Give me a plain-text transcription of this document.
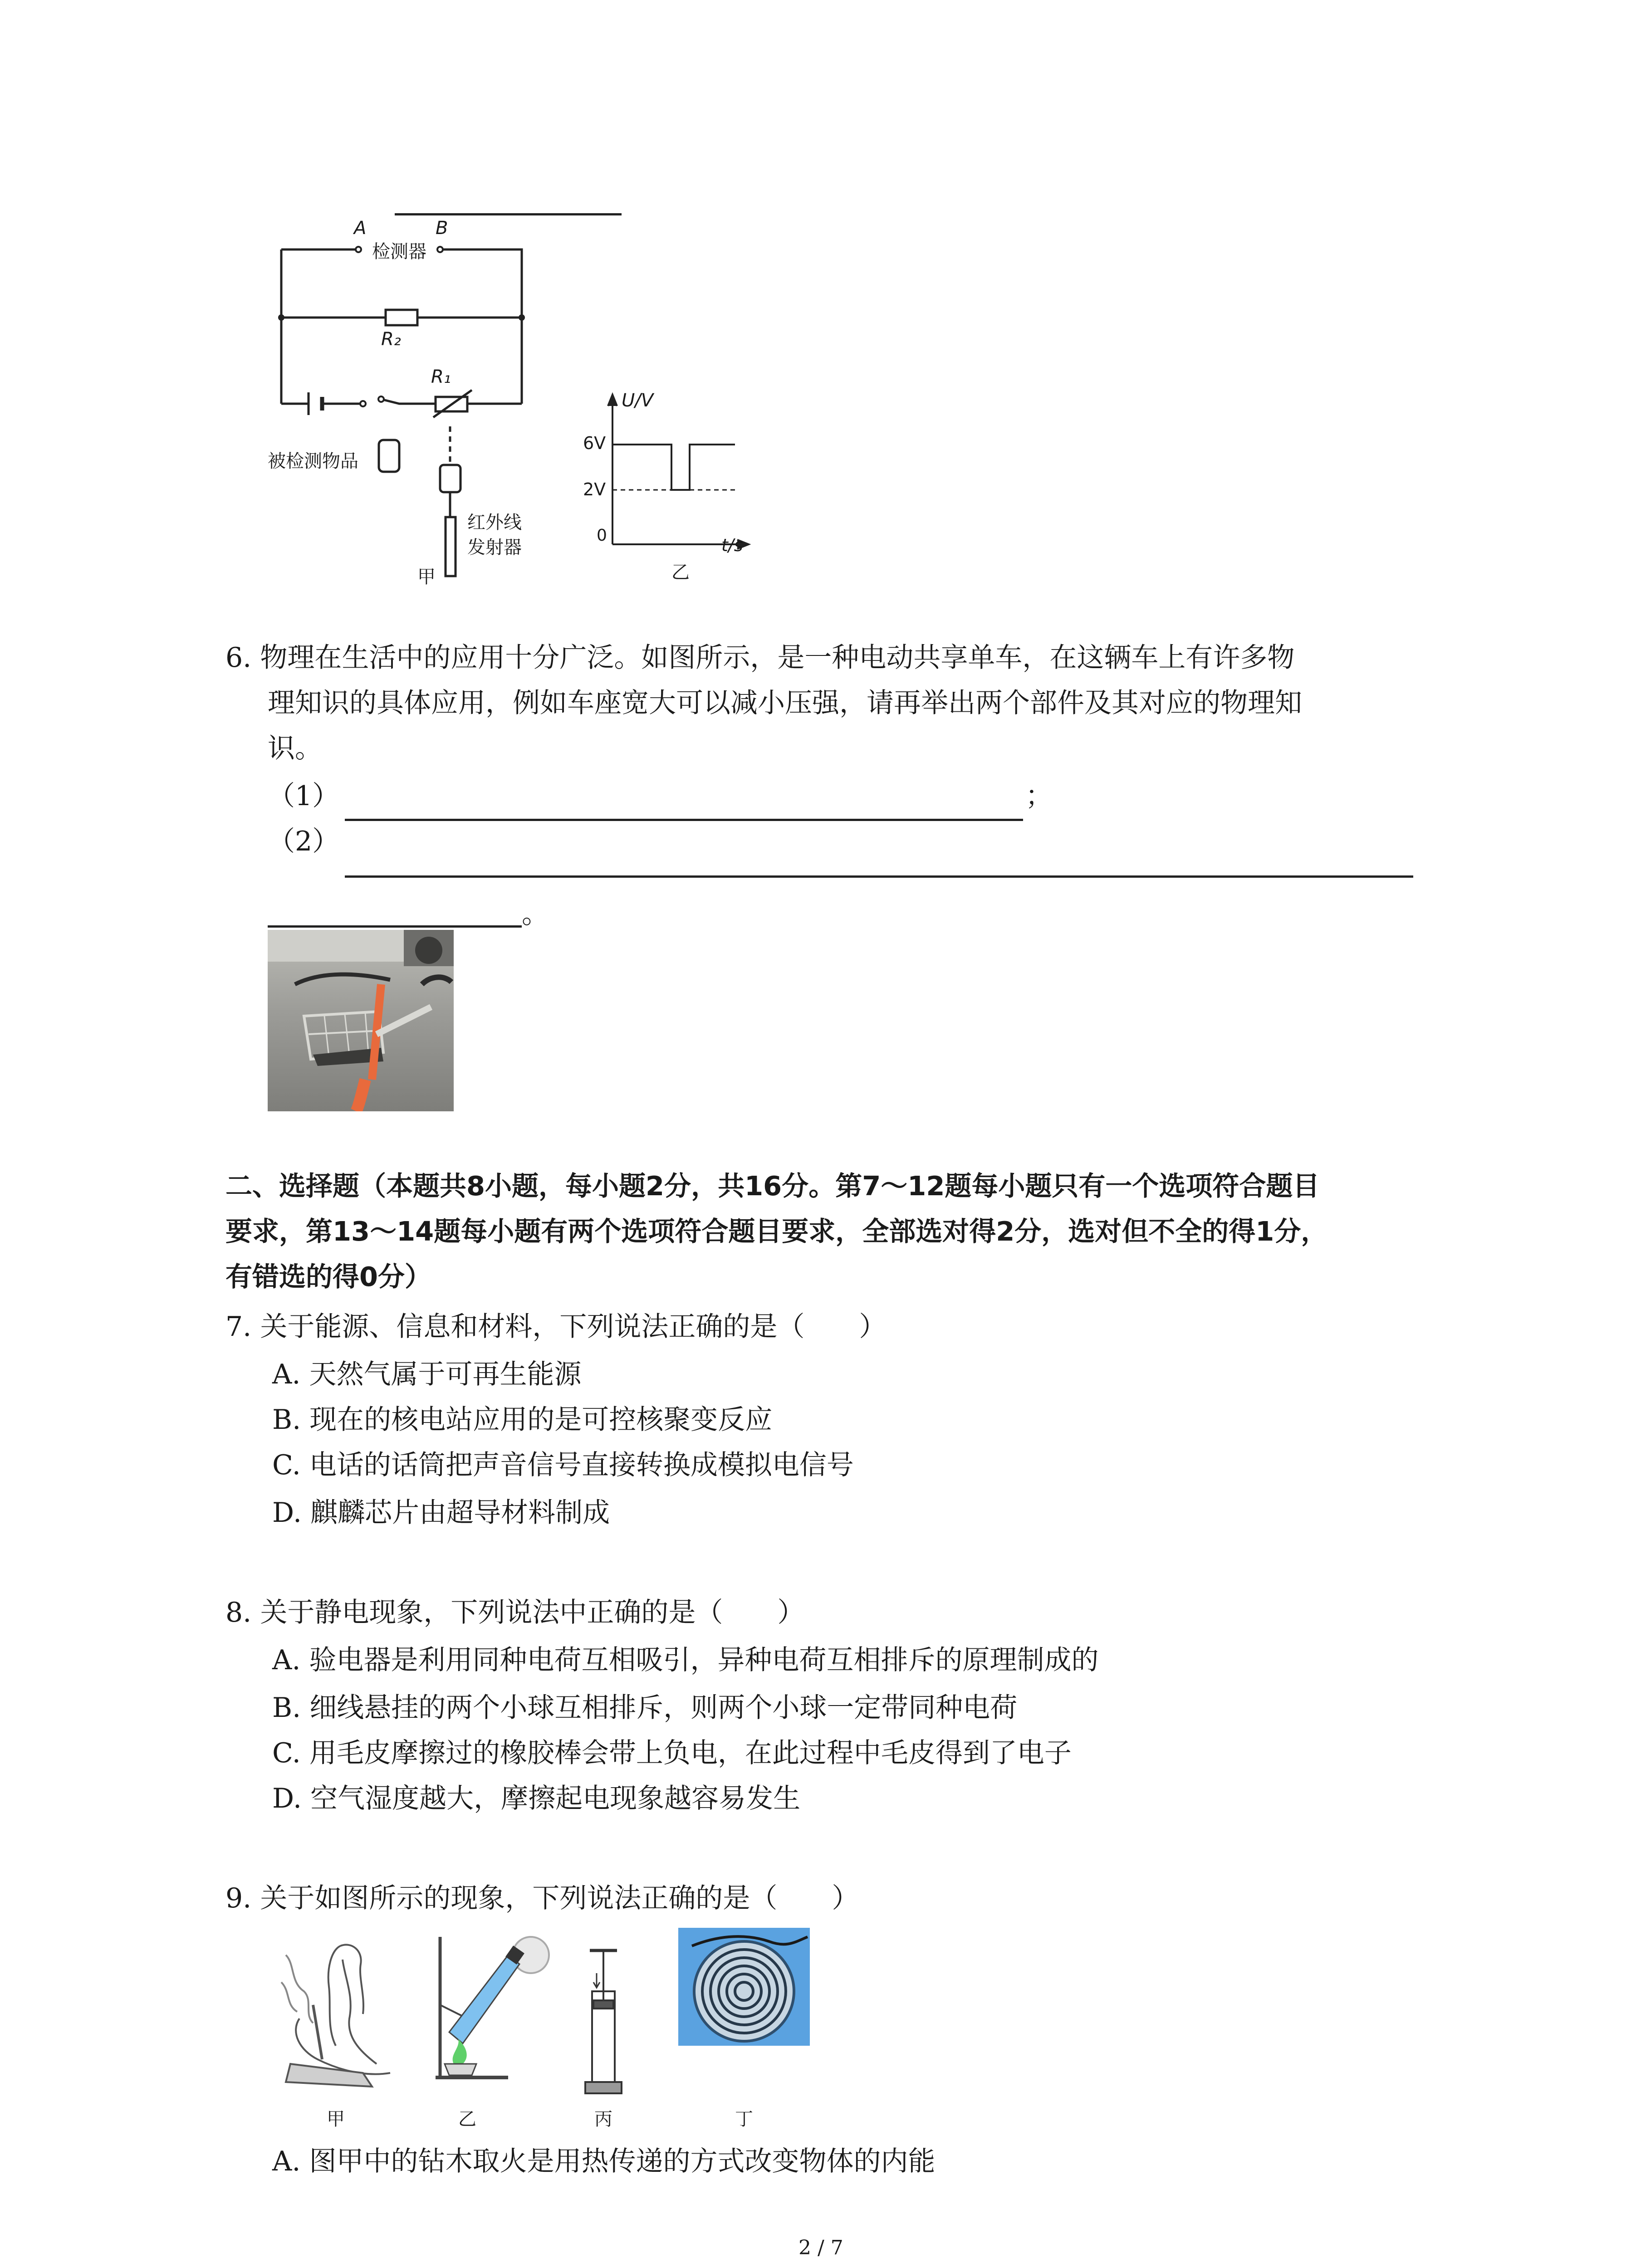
A	B
检测器
R₂
R₁
被检测物品
红外线
发射器
甲
U/V
6V
2V
0	t/s
乙
6. 物理在生活中的应用十分广泛。如图所示，是一种电动共享单车，在这辆车上有许多物
理知识的具体应用，例如车座宽大可以减小压强，请再举出两个部件及其对应的物理知
识。
（1）	；
（2）
。
二、选择题（本题共8小题，每小题2分，共16分。第7～12题每小题只有一个选项符合题目
要求，第13～14题每小题有两个选项符合题目要求，全部选对得2分，选对但不全的得1分，
有错选的得0分）
7. 关于能源、信息和材料，下列说法正确的是（　　）
A. 天然气属于可再生能源
B. 现在的核电站应用的是可控核聚变反应
C. 电话的话筒把声音信号直接转换成模拟电信号
D. 麒麟芯片由超导材料制成
8. 关于静电现象，下列说法中正确的是（　　）
A. 验电器是利用同种电荷互相吸引，异种电荷互相排斥的原理制成的
B. 细线悬挂的两个小球互相排斥，则两个小球一定带同种电荷
C. 用毛皮摩擦过的橡胶棒会带上负电，在此过程中毛皮得到了电子
D. 空气湿度越大，摩擦起电现象越容易发生
9. 关于如图所示的现象，下列说法正确的是（　　）
甲	乙	丙	丁
A. 图甲中的钻木取火是用热传递的方式改变物体的内能
2 / 7
